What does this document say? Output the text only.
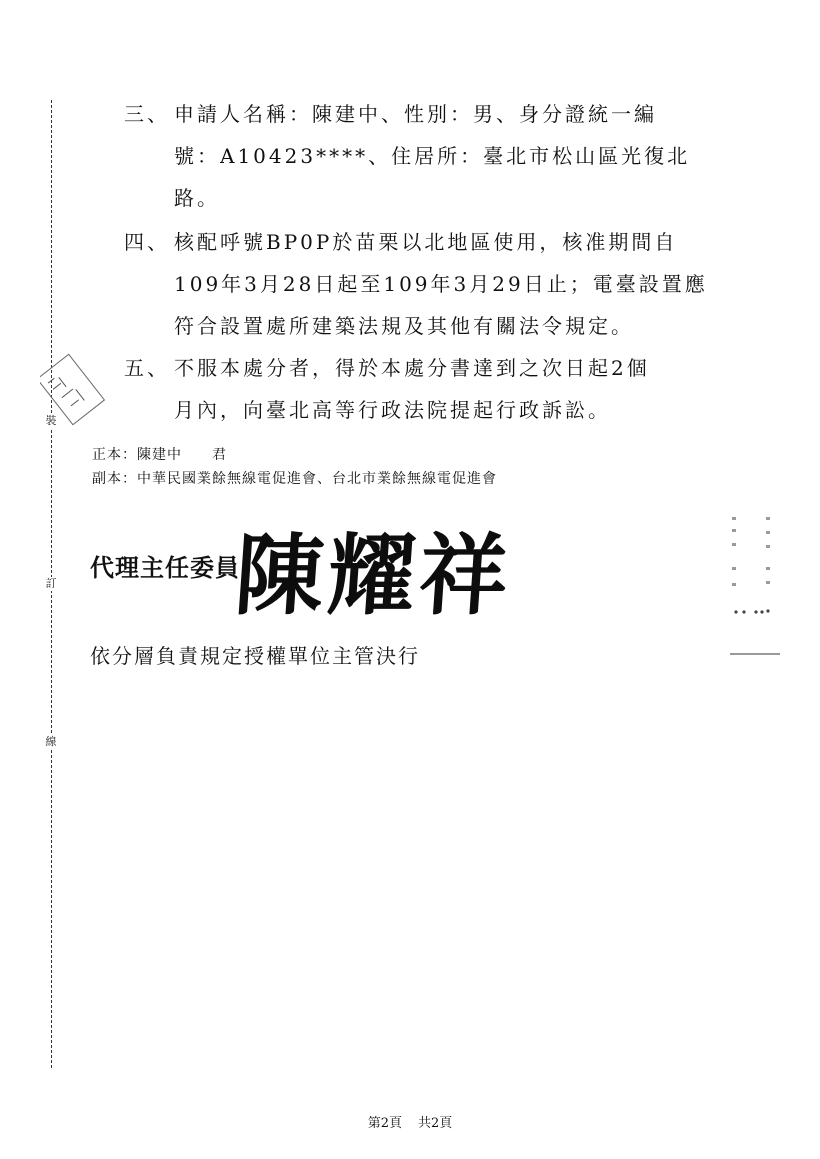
裝
訂
線
三、 申請人名稱：陳建中、性別：男、身分證統一編
號：A10423****、住居所：臺北市松山區光復北
路。
四、 核配呼號BP0P於苗栗以北地區使用，核准期間自
109年3月28日起至109年3月29日止；電臺設置應
符合設置處所建築法規及其他有關法令規定。
五、 不服本處分者，得於本處分書達到之次日起2個
月內，向臺北高等行政法院提起行政訴訟。
正本：陳建中　　君
副本：中華民國業餘無線電促進會、台北市業餘無線電促進會
代理主任委員
陳耀祥
依分層負責規定授權單位主管決行
第2頁 共2頁
